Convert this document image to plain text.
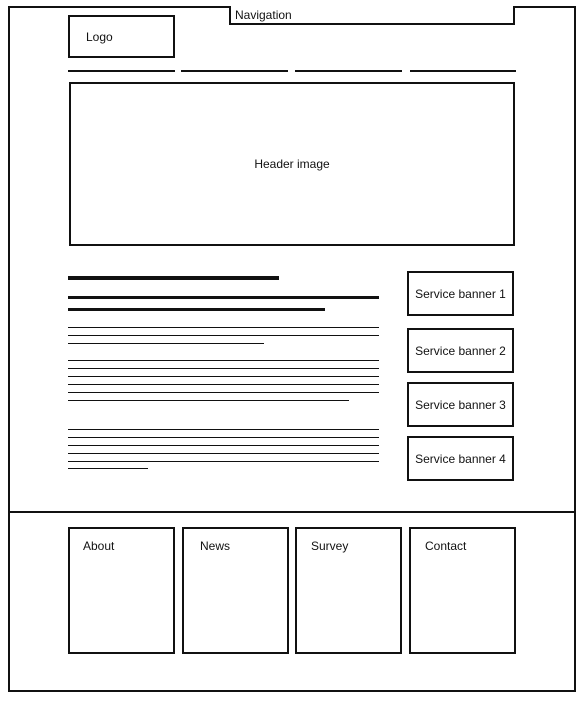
Logo
Navigation
Header image
Service banner 1
Service banner 2
Service banner 3
Service banner 4
About	News	Survey	Contact
